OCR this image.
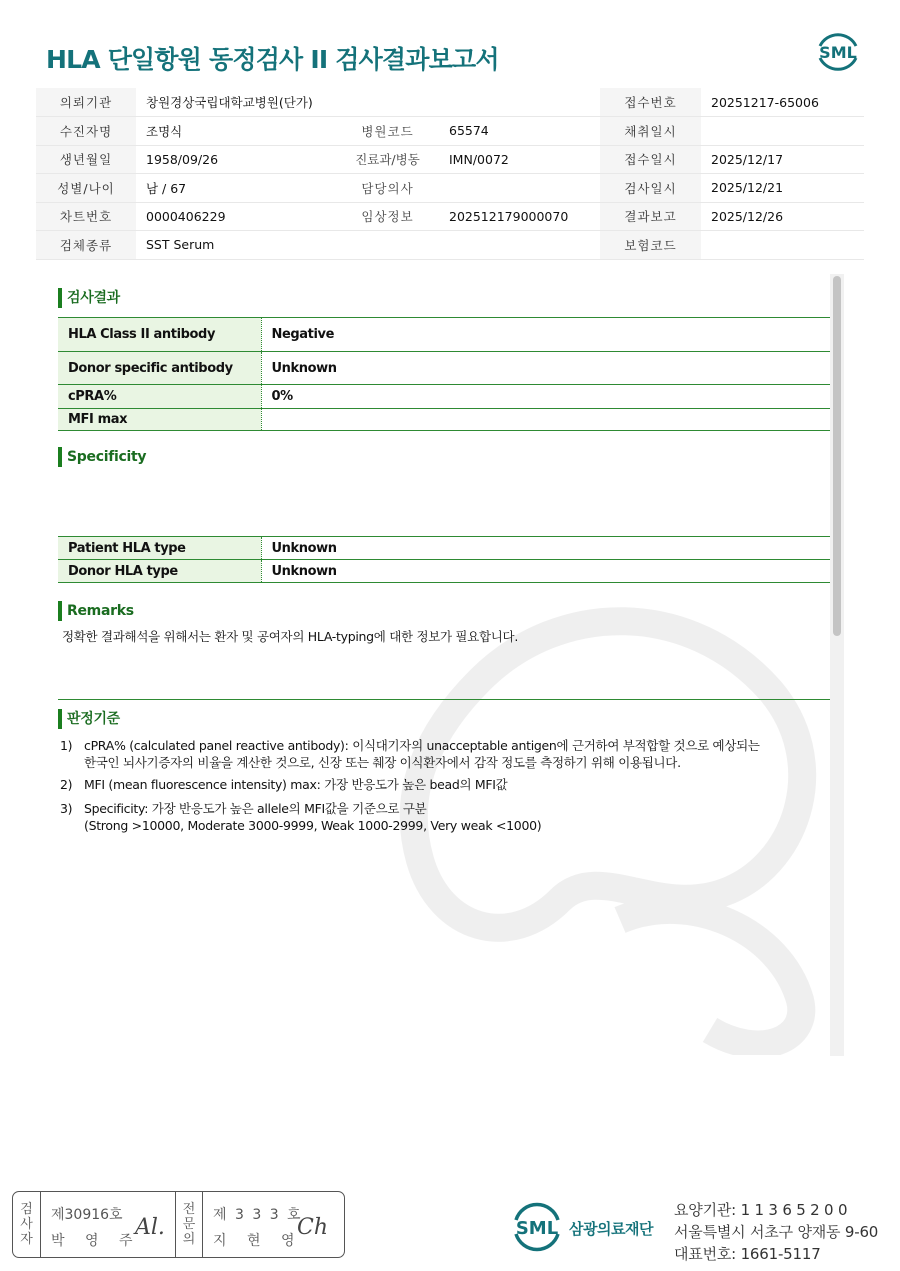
HLA 단일항원 동정검사 II 검사결과보고서	SML
의뢰기관	창원경상국립대학교병원(단가)			접수번호	20251217-65006
수진자명	조명식	병원코드	65574	채취일시	
생년월일	1958/09/26	진료과/병동	IMN/0072	접수일시	2025/12/17
성별/나이	남 / 67	담당의사		검사일시	2025/12/21
차트번호	0000406229	임상정보	202512179000070	결과보고	2025/12/26
검체종류	SST Serum			보험코드	
검사결과
HLA Class II antibody	Negative
Donor specific antibody	Unknown
cPRA%	0%
MFI max	
Specificity
Patient HLA type	Unknown
Donor HLA type	Unknown
Remarks
정확한 결과해석을 위해서는 환자 및 공여자의 HLA-typing에 대한 정보가 필요합니다.
판정기준
1) cPRA% (calculated panel reactive antibody): 이식대기자의 unacceptable antigen에 근거하여 부적합할 것으로 예상되는
한국인 뇌사기증자의 비율을 계산한 것으로, 신장 또는 췌장 이식환자에서 감작 정도를 측정하기 위해 이용됩니다.
2) MFI (mean fluorescence intensity) max: 가장 반응도가 높은 bead의 MFI값
3) Specificity: 가장 반응도가 높은 allele의 MFI값을 기준으로 구분
(Strong >10000, Moderate 3000-9999, Weak 1000-2999, Very weak <1000)
검
사
자
제30916호
박 영 주
Al.
전
문
의
제 3 3 3 호
지 현 영
Ch	SML 삼광의료재단
요양기관: 1 1 3 6 5 2 0 0
서울특별시 서초구 양재동 9-60
대표번호: 1661-5117
